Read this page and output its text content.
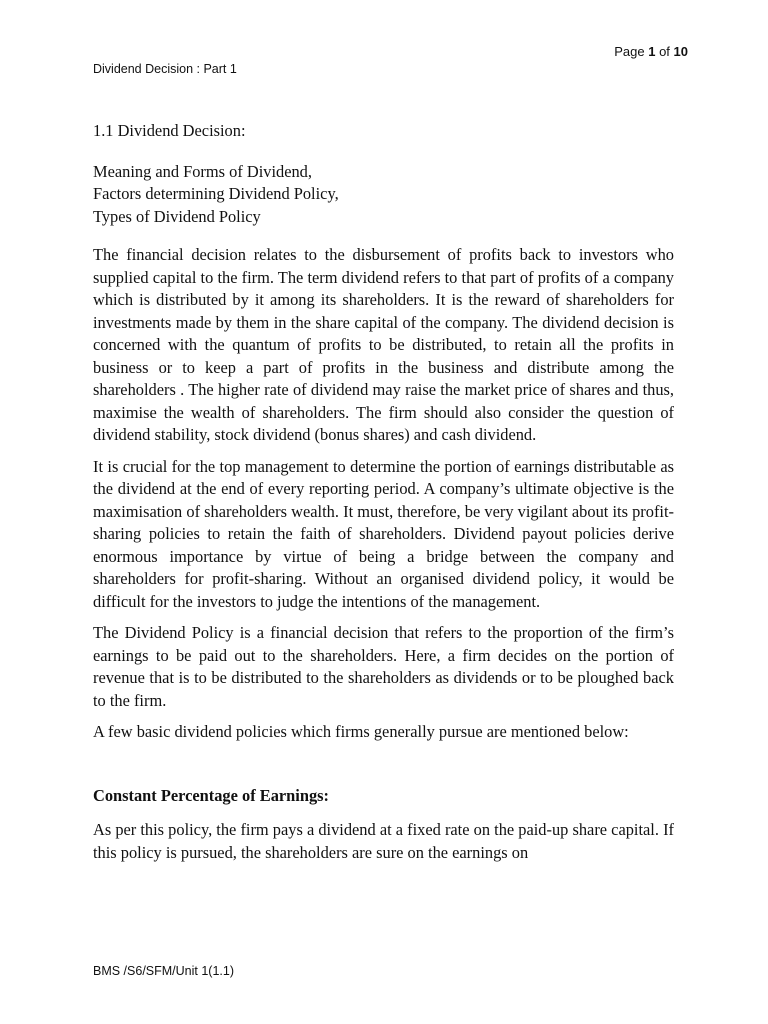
Page 1 of 10
Dividend Decision : Part 1

1.1 Dividend Decision:

Meaning and Forms of Dividend,
Factors determining Dividend Policy,
Types of Dividend Policy

The financial decision relates to the disbursement of profits back to investors who supplied capital to the firm. The term dividend refers to that part of profits of a company which is distributed by it among its shareholders. It is the reward of shareholders for investments made by them in the share capital of the company. The dividend decision is concerned with the quantum of profits to be distributed, to retain all the profits in business or to keep a part of profits in the business and distribute among the shareholders . The higher rate of dividend may raise the market price of shares and thus, maximise the wealth of shareholders. The firm should also consider the question of dividend stability, stock dividend (bonus shares) and cash dividend.

It is crucial for the top management to determine the portion of earnings distributable as the dividend at the end of every reporting period. A company’s ultimate objective is the maximisation of shareholders wealth. It must, therefore, be very vigilant about its profit-sharing policies to retain the faith of shareholders. Dividend payout policies derive enormous importance by virtue of being a bridge between the company and shareholders for profit-sharing. Without an organised dividend policy, it would be difficult for the investors to judge the intentions of the management.

The Dividend Policy is a financial decision that refers to the proportion of the firm’s earnings to be paid out to the shareholders. Here, a firm decides on the portion of revenue that is to be distributed to the shareholders as dividends or to be ploughed back to the firm.

A few basic dividend policies which firms generally pursue are mentioned below:

Constant Percentage of Earnings:

As per this policy, the firm pays a dividend at a fixed rate on the paid-up share capital. If this policy is pursued, the shareholders are sure on the earnings on

BMS /S6/SFM/Unit 1(1.1)
